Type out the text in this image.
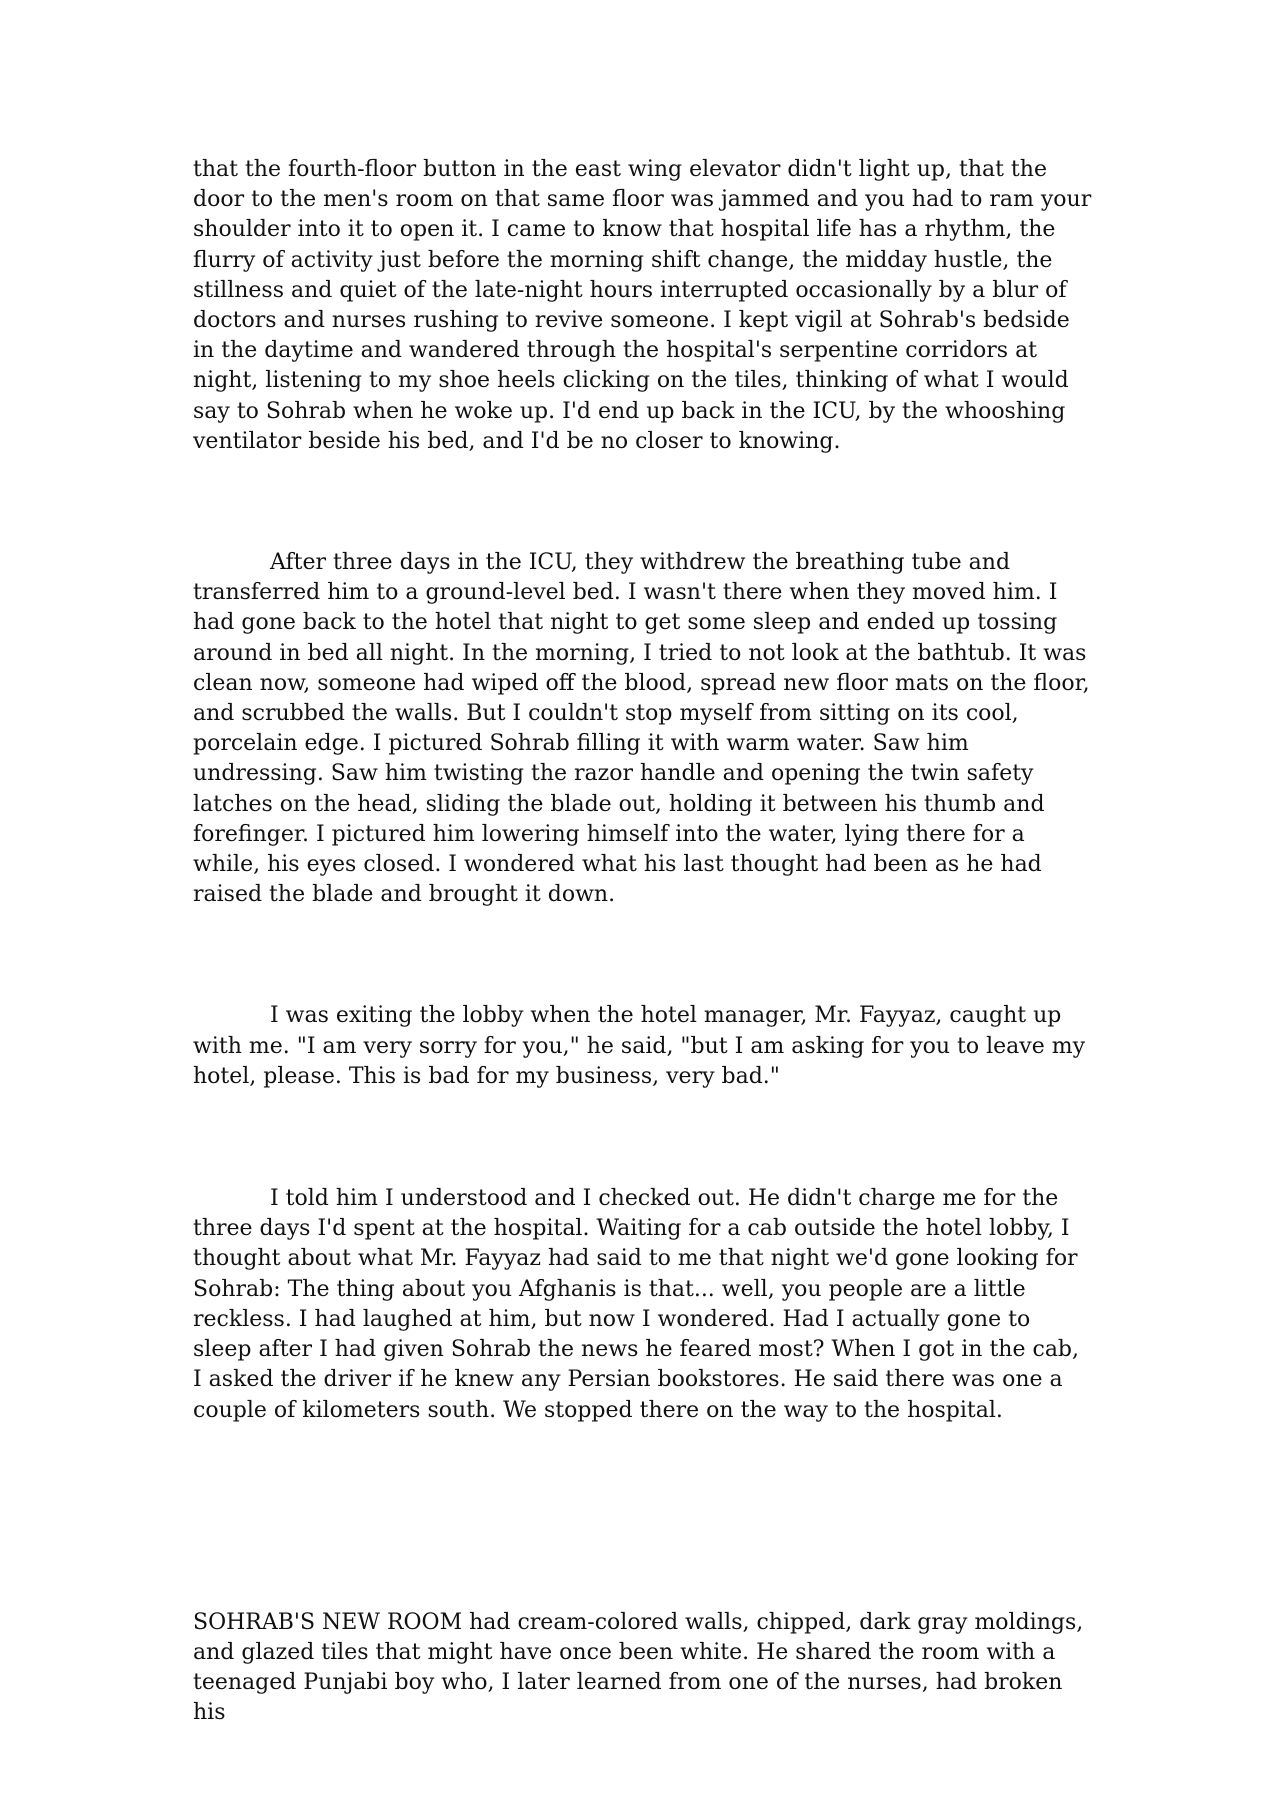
that the fourth-floor button in the east wing elevator didn't light up, that the door to the men's room on that same floor was jammed and you had to ram your shoulder into it to open it. I came to know that hospital life has a rhythm, the flurry of activity just before the morning shift change, the midday hustle, the stillness and quiet of the late-night hours interrupted occasionally by a blur of doctors and nurses rushing to revive someone. I kept vigil at Sohrab's bedside in the daytime and wandered through the hospital's serpentine corridors at night, listening to my shoe heels clicking on the tiles, thinking of what I would say to Sohrab when he woke up. I'd end up back in the ICU, by the whooshing ventilator beside his bed, and I'd be no closer to knowing.

After three days in the ICU, they withdrew the breathing tube and transferred him to a ground-level bed. I wasn't there when they moved him. I had gone back to the hotel that night to get some sleep and ended up tossing around in bed all night. In the morning, I tried to not look at the bathtub. It was clean now, someone had wiped off the blood, spread new floor mats on the floor, and scrubbed the walls. But I couldn't stop myself from sitting on its cool, porcelain edge. I pictured Sohrab filling it with warm water. Saw him undressing. Saw him twisting the razor handle and opening the twin safety latches on the head, sliding the blade out, holding it between his thumb and forefinger. I pictured him lowering himself into the water, lying there for a while, his eyes closed. I wondered what his last thought had been as he had raised the blade and brought it down.

I was exiting the lobby when the hotel manager, Mr. Fayyaz, caught up with me. "I am very sorry for you," he said, "but I am asking for you to leave my hotel, please. This is bad for my business, very bad."

I told him I understood and I checked out. He didn't charge me for the three days I'd spent at the hospital. Waiting for a cab outside the hotel lobby, I thought about what Mr. Fayyaz had said to me that night we'd gone looking for Sohrab: The thing about you Afghanis is that... well, you people are a little reckless. I had laughed at him, but now I wondered. Had I actually gone to sleep after I had given Sohrab the news he feared most? When I got in the cab, I asked the driver if he knew any Persian bookstores. He said there was one a couple of kilometers south. We stopped there on the way to the hospital.

SOHRAB'S NEW ROOM had cream-colored walls, chipped, dark gray moldings, and glazed tiles that might have once been white. He shared the room with a teenaged Punjabi boy who, I later learned from one of the nurses, had broken his
